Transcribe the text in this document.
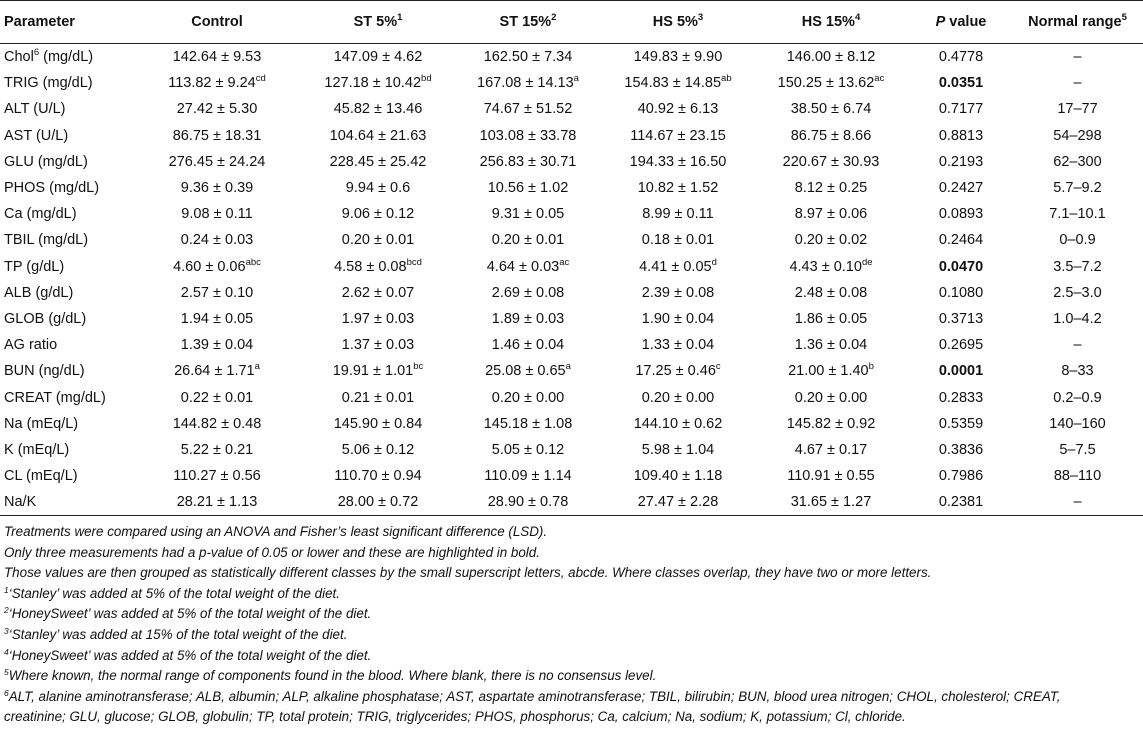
Parameter	Control	ST 5%$^1$	ST 15%$^2$	HS 5%$^3$	HS 15%$^4$	P value	Normal range$^5$
Chol$^6$ (mg/dL)	142.64 ± 9.53	147.09 ± 4.62	162.50 ± 7.34	149.83 ± 9.90	146.00 ± 8.12	0.4778	–
TRIG (mg/dL)	113.82 ± 9.24$^{cd}$	127.18 ± 10.42$^{bd}$	167.08 ± 14.13$^a$	154.83 ± 14.85$^{ab}$	150.25 ± 13.62$^{ac}$	0.0351	–
ALT (U/L)	27.42 ± 5.30	45.82 ± 13.46	74.67 ± 51.52	40.92 ± 6.13	38.50 ± 6.74	0.7177	17–77
AST (U/L)	86.75 ± 18.31	104.64 ± 21.63	103.08 ± 33.78	114.67 ± 23.15	86.75 ± 8.66	0.8813	54–298
GLU (mg/dL)	276.45 ± 24.24	228.45 ± 25.42	256.83 ± 30.71	194.33 ± 16.50	220.67 ± 30.93	0.2193	62–300
PHOS (mg/dL)	9.36 ± 0.39	9.94 ± 0.6	10.56 ± 1.02	10.82 ± 1.52	8.12 ± 0.25	0.2427	5.7–9.2
Ca (mg/dL)	9.08 ± 0.11	9.06 ± 0.12	9.31 ± 0.05	8.99 ± 0.11	8.97 ± 0.06	0.0893	7.1–10.1
TBIL (mg/dL)	0.24 ± 0.03	0.20 ± 0.01	0.20 ± 0.01	0.18 ± 0.01	0.20 ± 0.02	0.2464	0–0.9
TP (g/dL)	4.60 ± 0.06$^{abc}$	4.58 ± 0.08$^{bcd}$	4.64 ± 0.03$^{ac}$	4.41 ± 0.05$^d$	4.43 ± 0.10de	0.0470	3.5–7.2
ALB (g/dL)	2.57 ± 0.10	2.62 ± 0.07	2.69 ± 0.08	2.39 ± 0.08	2.48 ± 0.08	0.1080	2.5–3.0
GLOB (g/dL)	1.94 ± 0.05	1.97 ± 0.03	1.89 ± 0.03	1.90 ± 0.04	1.86 ± 0.05	0.3713	1.0–4.2
AG ratio	1.39 ± 0.04	1.37 ± 0.03	1.46 ± 0.04	1.33 ± 0.04	1.36 ± 0.04	0.2695	–
BUN (ng/dL)	26.64 ± 1.71$^a$	19.91 ± 1.01$^{bc}$	25.08 ± 0.65$^a$	17.25 ± 0.46$^c$	21.00 ± 1.40$^b$	0.0001	8–33
CREAT (mg/dL)	0.22 ± 0.01	0.21 ± 0.01	0.20 ± 0.00	0.20 ± 0.00	0.20 ± 0.00	0.2833	0.2–0.9
Na (mEq/L)	144.82 ± 0.48	145.90 ± 0.84	145.18 ± 1.08	144.10 ± 0.62	145.82 ± 0.92	0.5359	140–160
K (mEq/L)	5.22 ± 0.21	5.06 ± 0.12	5.05 ± 0.12	5.98 ± 1.04	4.67 ± 0.17	0.3836	5–7.5
CL (mEq/L)	110.27 ± 0.56	110.70 ± 0.94	110.09 ± 1.14	109.40 ± 1.18	110.91 ± 0.55	0.7986	88–110
Na/K	28.21 ± 1.13	28.00 ± 0.72	28.90 ± 0.78	27.47 ± 2.28	31.65 ± 1.27	0.2381	–
Treatments were compared using an ANOVA and Fisher’s least significant difference (LSD).
Only three measurements had a p-value of 0.05 or lower and these are highlighted in bold.
Those values are then grouped as statistically different classes by the small superscript letters, abcde. Where classes overlap, they have two or more letters.
$^1$‘Stanley’ was added at 5% of the total weight of the diet.
$^2$‘HoneySweet’ was added at 5% of the total weight of the diet.
$^3$‘Stanley’ was added at 15% of the total weight of the diet.
$^4$‘HoneySweet’ was added at 5% of the total weight of the diet.
$^5$Where known, the normal range of components found in the blood. Where blank, there is no consensus level.
$^6$ALT, alanine aminotransferase; ALB, albumin; ALP, alkaline phosphatase; AST, aspartate aminotransferase; TBIL, bilirubin; BUN, blood urea nitrogen; CHOL, cholesterol; CREAT,
creatinine; GLU, glucose; GLOB, globulin; TP, total protein; TRIG, triglycerides; PHOS, phosphorus; Ca, calcium; Na, sodium; K, potassium; Cl, chloride.
